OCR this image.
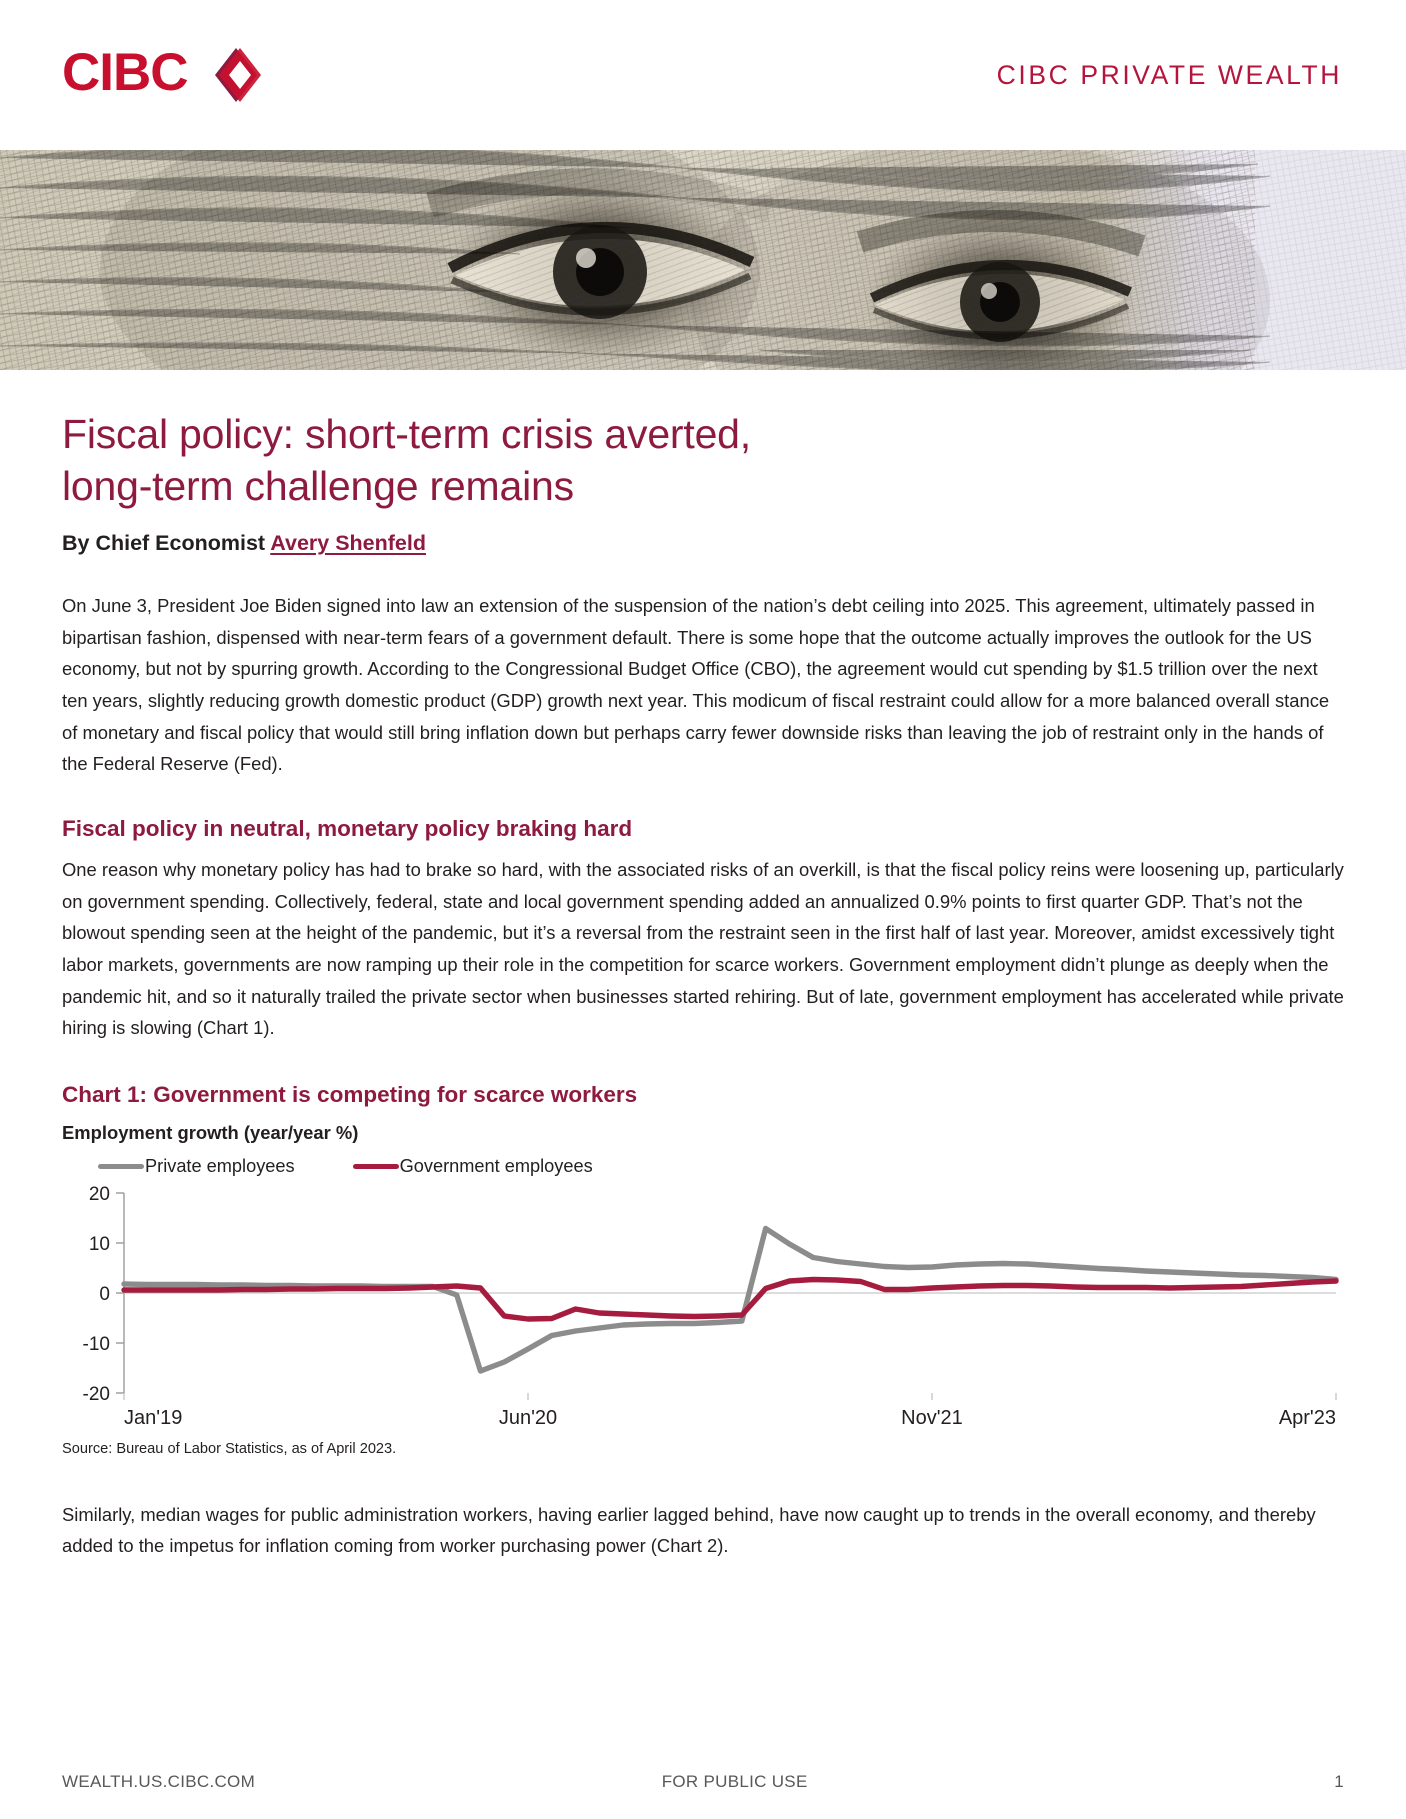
CIBC	CIBC PRIVATE WEALTH
Fiscal policy: short-term crisis averted,
long-term challenge remains
By Chief Economist Avery Shenfeld

On June 3, President Joe Biden signed into law an extension of the suspension of the nation’s debt ceiling into 2025. This agreement, ultimately passed in bipartisan fashion, dispensed with near-term fears of a government default. There is some hope that the outcome actually improves the outlook for the US economy, but not by spurring growth. According to the Congressional Budget Office (CBO), the agreement would cut spending by $1.5 trillion over the next ten years, slightly reducing growth domestic product (GDP) growth next year. This modicum of fiscal restraint could allow for a more balanced overall stance of monetary and fiscal policy that would still bring inflation down but perhaps carry fewer downside risks than leaving the job of restraint only in the hands of the Federal Reserve (Fed).

Fiscal policy in neutral, monetary policy braking hard

One reason why monetary policy has had to brake so hard, with the associated risks of an overkill, is that the fiscal policy reins were loosening up, particularly on government spending. Collectively, federal, state and local government spending added an annualized 0.9% points to first quarter GDP. That’s not the blowout spending seen at the height of the pandemic, but it’s a reversal from the restraint seen in the first half of last year. Moreover, amidst excessively tight labor markets, governments are now ramping up their role in the competition for scarce workers. Government employment didn’t plunge as deeply when the pandemic hit, and so it naturally trailed the private sector when businesses started rehiring. But of late, government employment has accelerated while private hiring is slowing (Chart 1).

Chart 1: Government is competing for scarce workers
Employment growth (year/year %)
Private employees	Government employees
20
10
0
-10
-20
Jan'19	Jun'20	Nov'21	Apr'23
Source: Bureau of Labor Statistics, as of April 2023.

Similarly, median wages for public administration workers, having earlier lagged behind, have now caught up to trends in the overall economy, and thereby added to the impetus for inflation coming from worker purchasing power (Chart 2).

WEALTH.US.CIBC.COM	FOR PUBLIC USE	1
